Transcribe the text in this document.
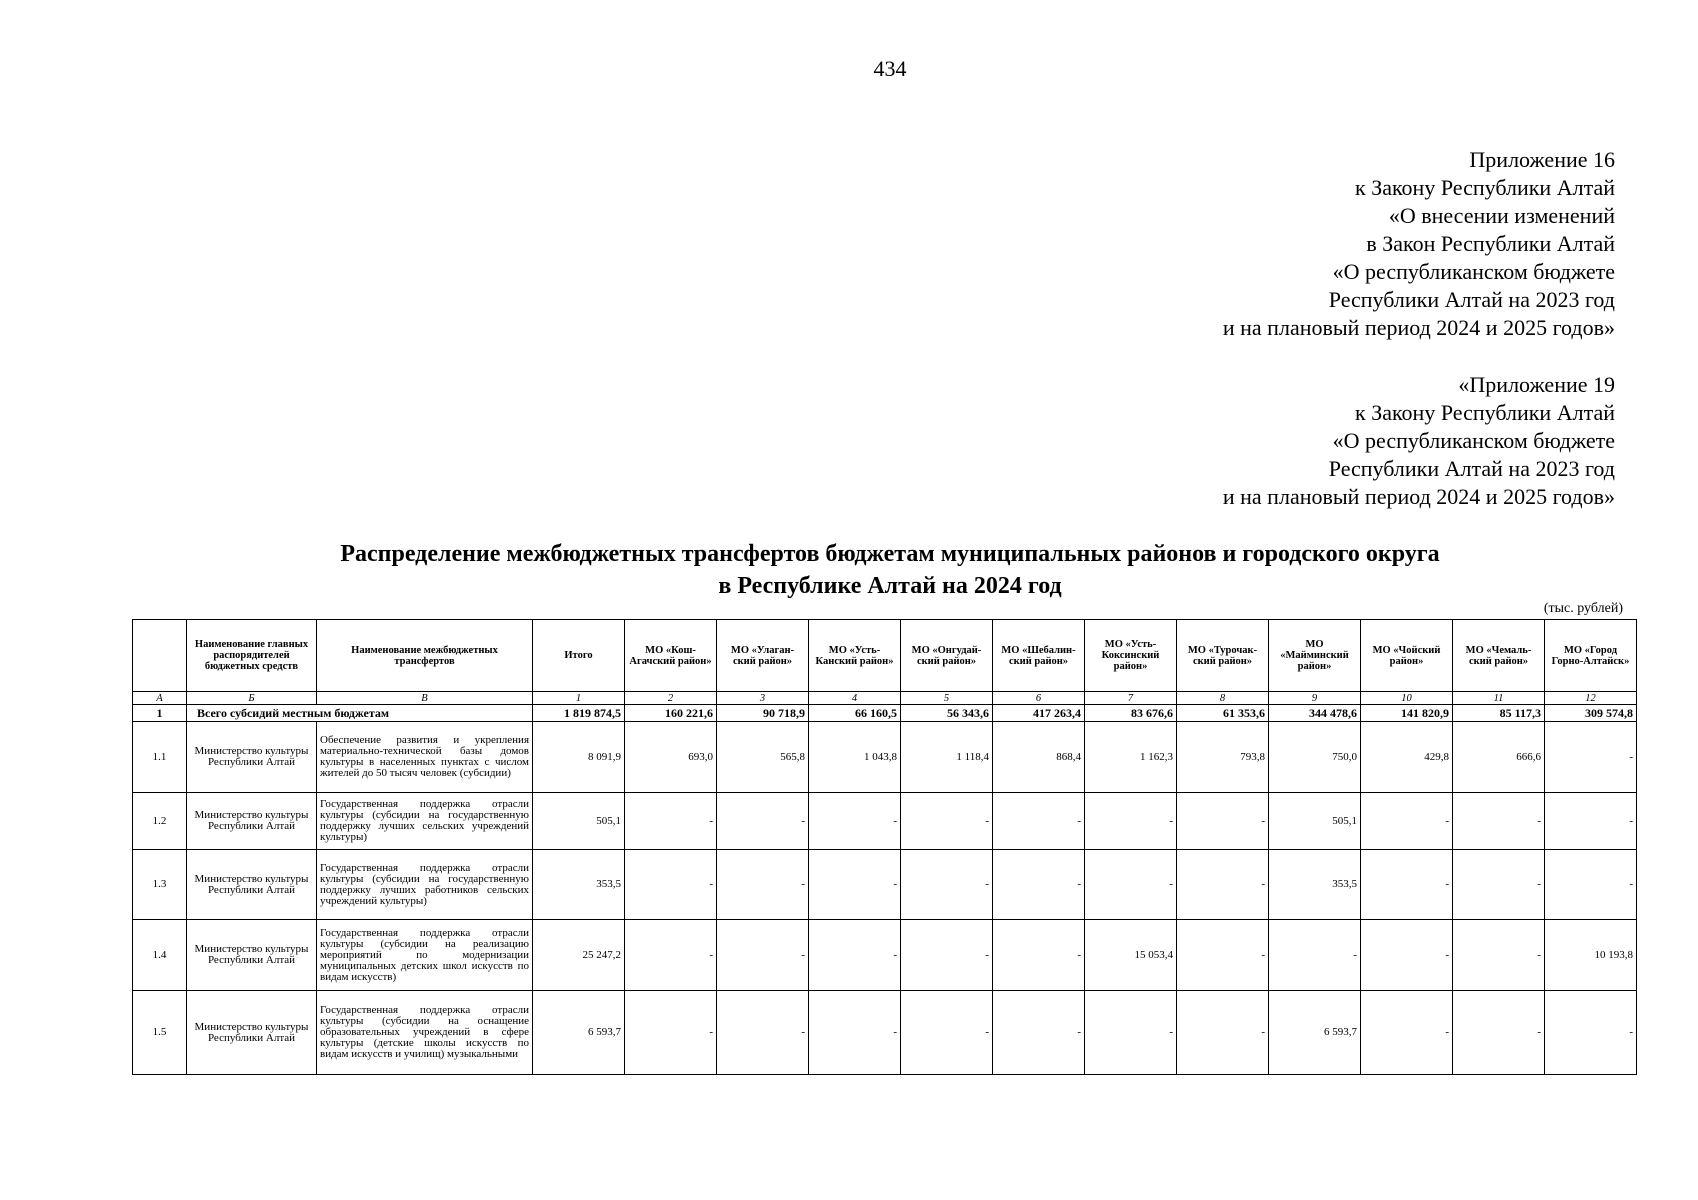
434
Приложение 16
к Закону Республики Алтай
«О внесении изменений
в Закон Республики Алтай
«О республиканском бюджете
Республики Алтай на 2023 год
и на плановый период 2024 и 2025 годов»
«Приложение 19
к Закону Республики Алтай
«О республиканском бюджете
Республики Алтай на 2023 год
и на плановый период 2024 и 2025 годов»
Распределение межбюджетных трансфертов бюджетам муниципальных районов и городского округа
в Республике Алтай на 2024 год
(тыс. рублей)
	Наименование главных распорядителей бюджетных средств	Наименование межбюджетных трансфертов	Итого	МО «Кош-Агачский район»	МО «Улаган-ский район»	МО «Усть-Канский район»	МО «Онгудай-ский район»	МО «Шебалин-ский район»	МО «Усть-Коксинский район»	МО «Турочак-ский район»	МО «Майминский район»	МО «Чойский район»	МО «Чемаль-ский район»	МО «Город Горно-Алтайск»
А	Б	В	1	2	3	4	5	6	7	8	9	10	11	12
1	Всего субсидий местным бюджетам		1 819 874,5	160 221,6	90 718,9	66 160,5	56 343,6	417 263,4	83 676,6	61 353,6	344 478,6	141 820,9	85 117,3	309 574,8
1.1	Министерство культуры Республики Алтай	Обеспечение развития и укрепления материально-технической базы домов культуры в населенных пунктах с числом жителей до 50 тысяч человек (субсидии)	8 091,9	693,0	565,8	1 043,8	1 118,4	868,4	1 162,3	793,8	750,0	429,8	666,6	-
1.2	Министерство культуры Республики Алтай	Государственная поддержка отрасли культуры (субсидии на государственную поддержку лучших сельских учреждений культуры)	505,1	-	-	-	-	-	-	-	505,1	-	-	-
1.3	Министерство культуры Республики Алтай	Государственная поддержка отрасли культуры (субсидии на государственную поддержку лучших работников сельских учреждений культуры)	353,5	-	-	-	-	-	-	-	353,5	-	-	-
1.4	Министерство культуры Республики Алтай	Государственная поддержка отрасли культуры (субсидии на реализацию мероприятий по модернизации муниципальных детских школ искусств по видам искусств)	25 247,2	-	-	-	-	-	15 053,4	-	-	-	-	10 193,8
1.5	Министерство культуры Республики Алтай	Государственная поддержка отрасли культуры (субсидии на оснащение образовательных учреждений в сфере культуры (детские школы искусств по видам искусств и училищ) музыкальными	6 593,7	-	-	-	-	-	-	-	6 593,7	-	-	-
